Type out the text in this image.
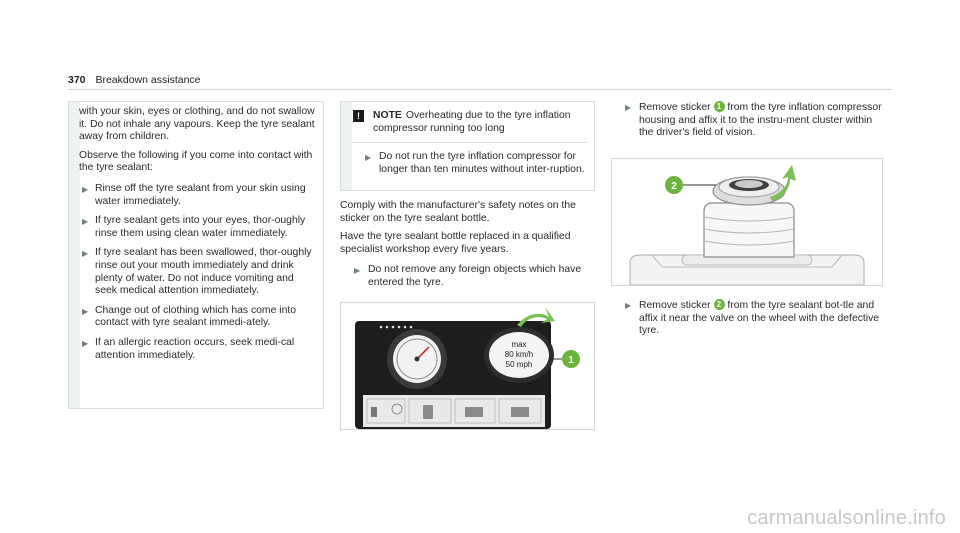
370 Breakdown assistance

with your skin, eyes or clothing, and do not swallow it. Do not inhale any vapours. Keep the tyre sealant away from children.

Observe the following if you come into contact with the tyre sealant:

▶ Rinse off the tyre sealant from your skin using water immediately.
▶ If tyre sealant gets into your eyes, thor-oughly rinse them using clean water immediately.
▶ If tyre sealant has been swallowed, thor-oughly rinse out your mouth immediately and drink plenty of water. Do not induce vomiting and seek medical attention immediately.
▶ Change out of clothing which has come into contact with tyre sealant immedi-ately.
▶ If an allergic reaction occurs, seek medi-cal attention immediately.
!	NOTE Overheating due to the tyre inflation compressor running too long
▶ Do not run the tyre inflation compressor for longer than ten minutes without inter-ruption.

Comply with the manufacturer's safety notes on the sticker on the tyre sealant bottle.

Have the tyre sealant bottle replaced in a qualified specialist workshop every five years.

▶ Do not remove any foreign objects which have entered the tyre.
max
80 km/h
50 mph	1
▶ Remove sticker 1 from the tyre inflation compressor housing and affix it to the instru-ment cluster within the driver's field of vision.
2
▶ Remove sticker 2 from the tyre sealant bot-tle and affix it near the valve on the wheel with the defective tyre.
carmanualsonline.info
